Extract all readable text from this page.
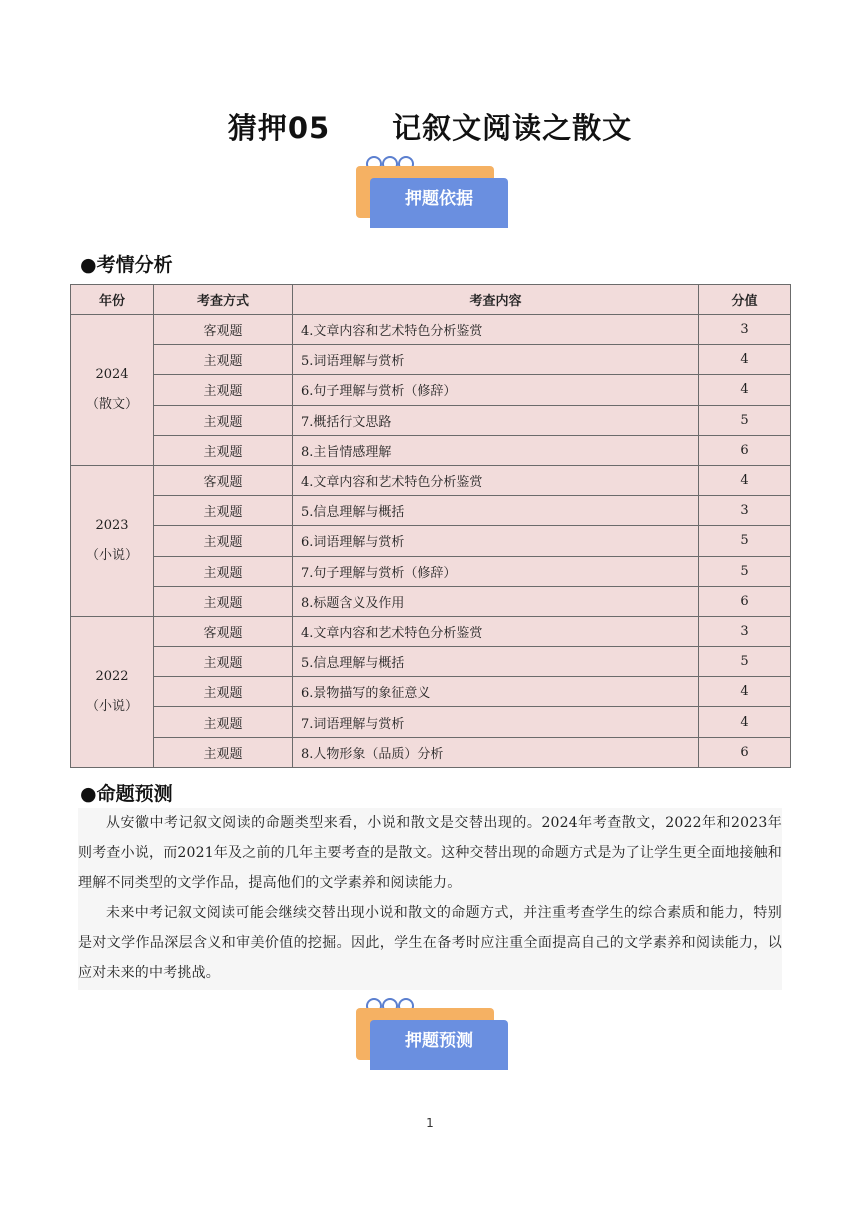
猜押05 记叙文阅读之散文
押题依据
●考情分析
年份	考查方式	考查内容	分值

2024
（散文）	客观题	4.文章内容和艺术特色分析鉴赏	3
	主观题	5.词语理解与赏析	4
	主观题	6.句子理解与赏析（修辞）	4
	主观题	7.概括行文思路	5
	主观题	8.主旨情感理解	6

2023
（小说）	客观题	4.文章内容和艺术特色分析鉴赏	4
	主观题	5.信息理解与概括	3
	主观题	6.词语理解与赏析	5
	主观题	7.句子理解与赏析（修辞）	5
	主观题	8.标题含义及作用	6

2022
（小说）	客观题	4.文章内容和艺术特色分析鉴赏	3
	主观题	5.信息理解与概括	5
	主观题	6.景物描写的象征意义	4
	主观题	7.词语理解与赏析	4
	主观题	8.人物形象（品质）分析	6
●命题预测

从安徽中考记叙文阅读的命题类型来看，小说和散文是交替出现的。2024年考查散文，2022年和2023年则考查小说，而2021年及之前的几年主要考查的是散文。这种交替出现的命题方式是为了让学生更全面地接触和理解不同类型的文学作品，提高他们的文学素养和阅读能力。

未来中考记叙文阅读可能会继续交替出现小说和散文的命题方式，并注重考查学生的综合素质和能力，特别是对文学作品深层含义和审美价值的挖掘。因此，学生在备考时应注重全面提高自己的文学素养和阅读能力，以应对未来的中考挑战。

押题预测
1
